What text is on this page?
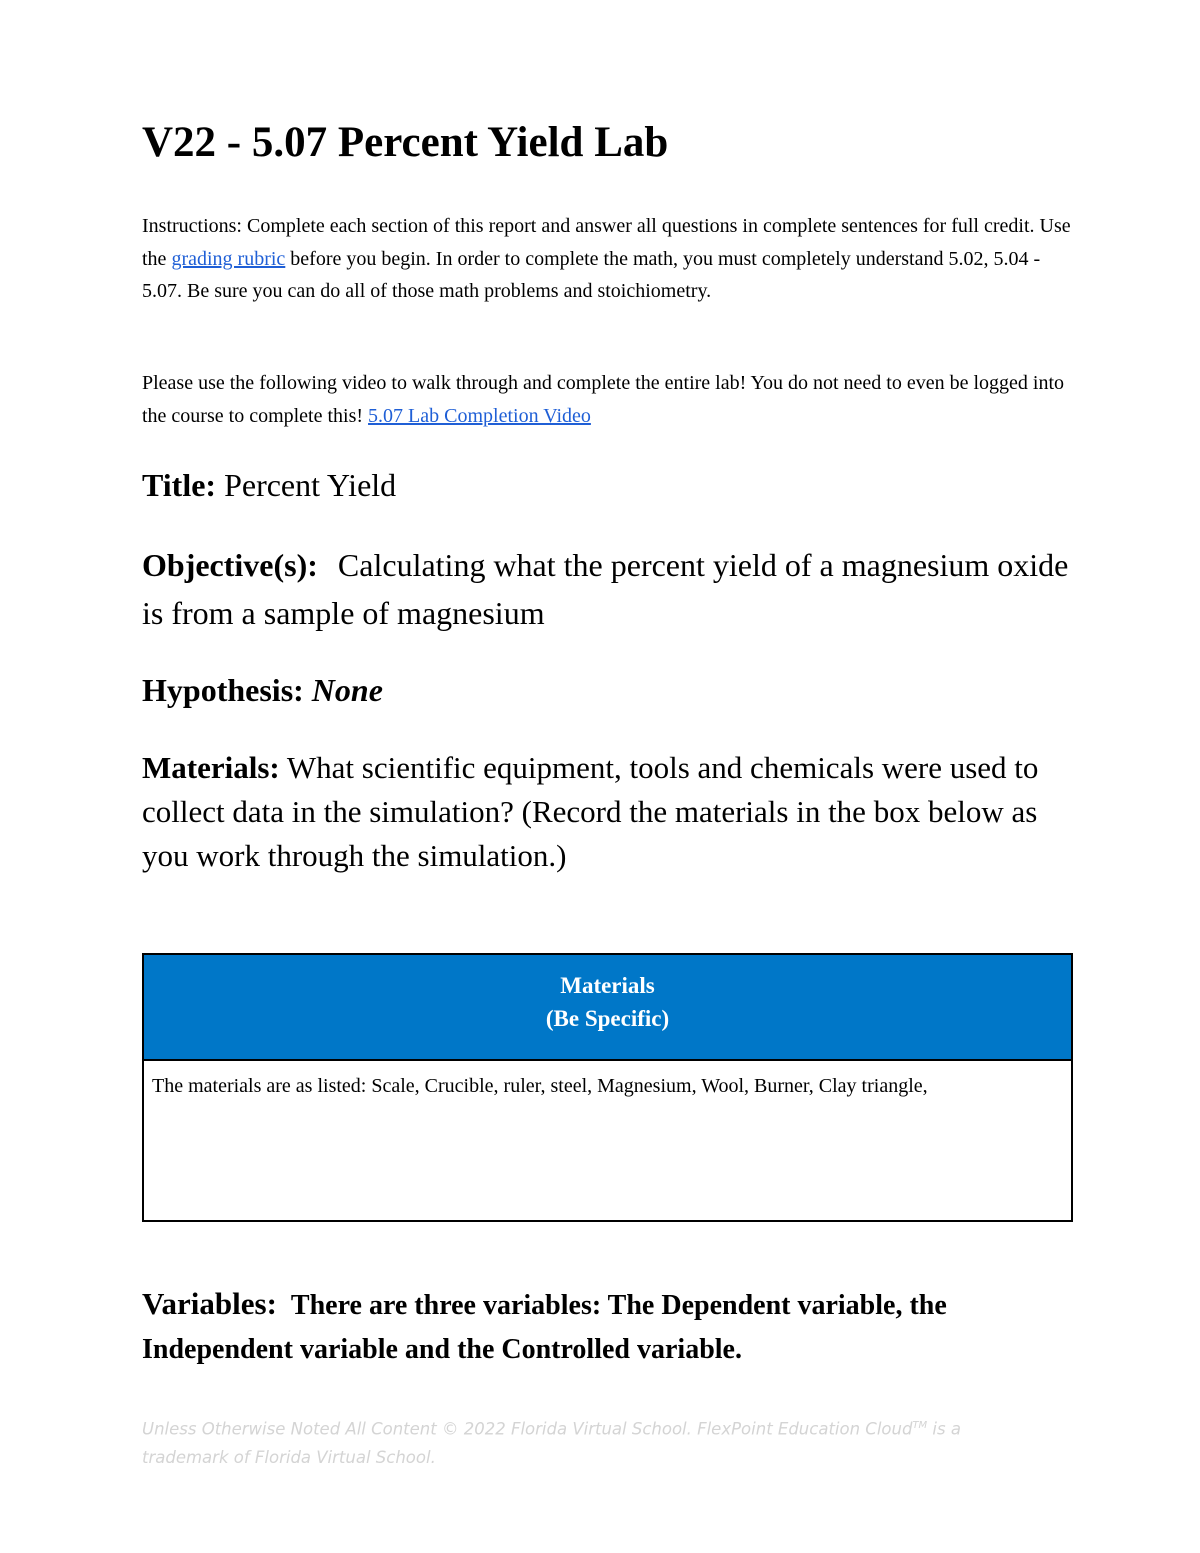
V22 - 5.07 Percent Yield Lab

Instructions: Complete each section of this report and answer all questions in complete sentences for full credit. Use the grading rubric before you begin. In order to complete the math, you must completely understand 5.02, 5.04 - 5.07. Be sure you can do all of those math problems and stoichiometry.

Please use the following video to walk through and complete the entire lab! You do not need to even be logged into the course to complete this! 5.07 Lab Completion Video

Title: Percent Yield

Objective(s): Calculating what the percent yield of a magnesium oxide is from a sample of magnesium

Hypothesis: None

Materials: What scientific equipment, tools and chemicals were used to collect data in the simulation? (Record the materials in the box below as you work through the simulation.)

Materials
(Be Specific)
The materials are as listed: Scale, Crucible, ruler, steel, Magnesium, Wool, Burner, Clay triangle,

Variables: There are three variables: The Dependent variable, the Independent variable and the Controlled variable.

Unless Otherwise Noted All Content © 2022 Florida Virtual School. FlexPoint Education Cloud™ is a trademark of Florida Virtual School.
